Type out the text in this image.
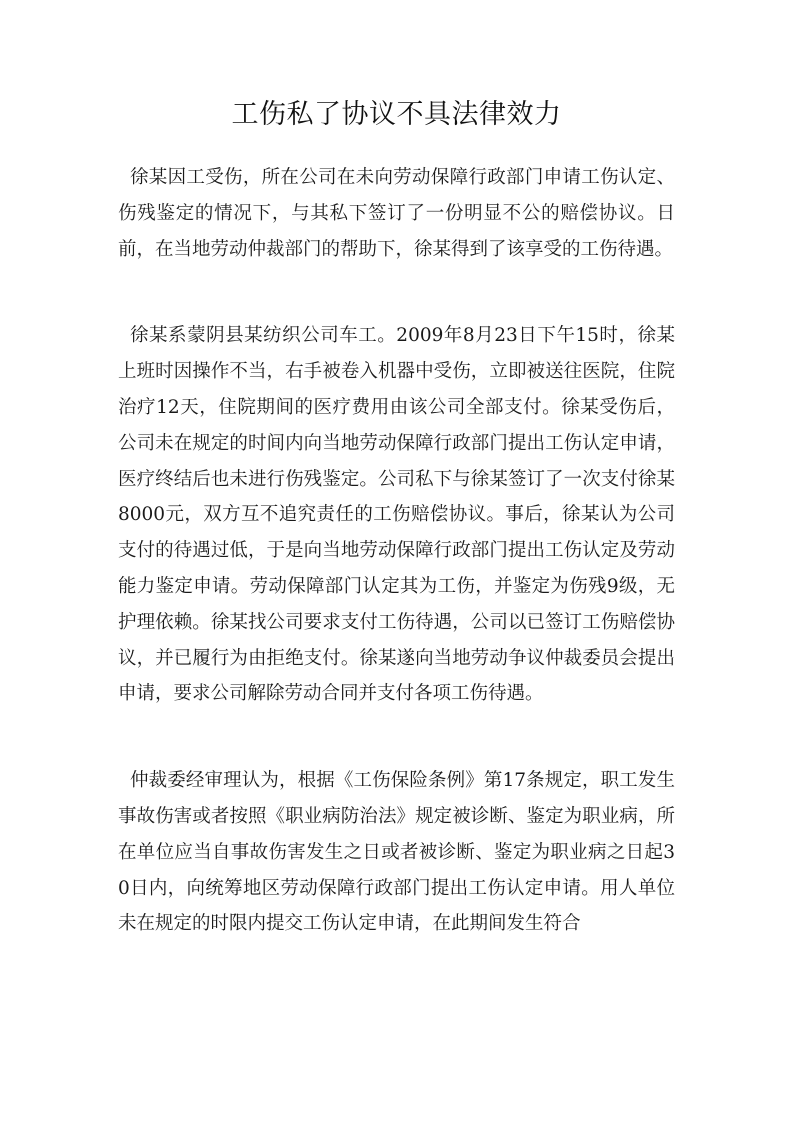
工伤私了协议不具法律效力

徐某因工受伤，所在公司在未向劳动保障行政部门申请工伤认定、伤残鉴定的情况下，与其私下签订了一份明显不公的赔偿协议。日前，在当地劳动仲裁部门的帮助下，徐某得到了该享受的工伤待遇。

徐某系蒙阴县某纺织公司车工。2009年8月23日下午15时，徐某上班时因操作不当，右手被卷入机器中受伤，立即被送往医院，住院治疗12天，住院期间的医疗费用由该公司全部支付。徐某受伤后，公司未在规定的时间内向当地劳动保障行政部门提出工伤认定申请，医疗终结后也未进行伤残鉴定。公司私下与徐某签订了一次支付徐某8000元，双方互不追究责任的工伤赔偿协议。事后，徐某认为公司支付的待遇过低，于是向当地劳动保障行政部门提出工伤认定及劳动能力鉴定申请。劳动保障部门认定其为工伤，并鉴定为伤残9级，无护理依赖。徐某找公司要求支付工伤待遇，公司以已签订工伤赔偿协议，并已履行为由拒绝支付。徐某遂向当地劳动争议仲裁委员会提出申请，要求公司解除劳动合同并支付各项工伤待遇。

仲裁委经审理认为，根据《工伤保险条例》第17条规定，职工发生事故伤害或者按照《职业病防治法》规定被诊断、鉴定为职业病，所在单位应当自事故伤害发生之日或者被诊断、鉴定为职业病之日起30日内，向统筹地区劳动保障行政部门提出工伤认定申请。用人单位未在规定的时限内提交工伤认定申请，在此期间发生符合
